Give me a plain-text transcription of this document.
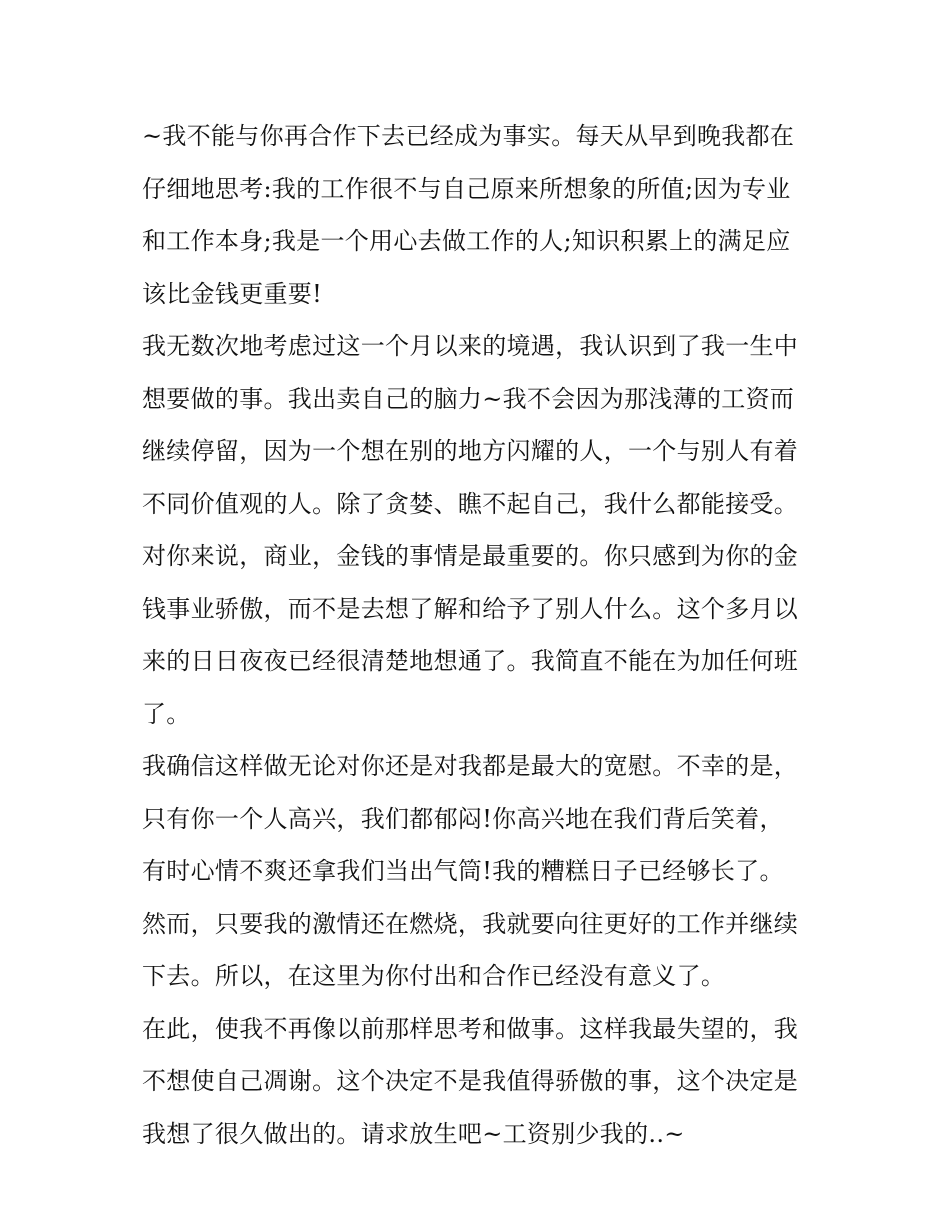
~我不能与你再合作下去已经成为事实。每天从早到晚我都在
仔细地思考:我的工作很不与自己原来所想象的所值;因为专业
和工作本身;我是一个用心去做工作的人;知识积累上的满足应
该比金钱更重要!
我无数次地考虑过这一个月以来的境遇，我认识到了我一生中
想要做的事。我出卖自己的脑力~我不会因为那浅薄的工资而
继续停留，因为一个想在别的地方闪耀的人，一个与别人有着
不同价值观的人。除了贪婪、瞧不起自己，我什么都能接受。
对你来说，商业，金钱的事情是最重要的。你只感到为你的金
钱事业骄傲，而不是去想了解和给予了别人什么。这个多月以
来的日日夜夜已经很清楚地想通了。我简直不能在为加任何班
了。
我确信这样做无论对你还是对我都是最大的宽慰。不幸的是，
只有你一个人高兴，我们都郁闷!你高兴地在我们背后笑着，
有时心情不爽还拿我们当出气筒!我的糟糕日子已经够长了。
然而，只要我的激情还在燃烧，我就要向往更好的工作并继续
下去。所以，在这里为你付出和合作已经没有意义了。
在此，使我不再像以前那样思考和做事。这样我最失望的，我
不想使自己凋谢。这个决定不是我值得骄傲的事，这个决定是
我想了很久做出的。请求放生吧~工资别少我的..~
